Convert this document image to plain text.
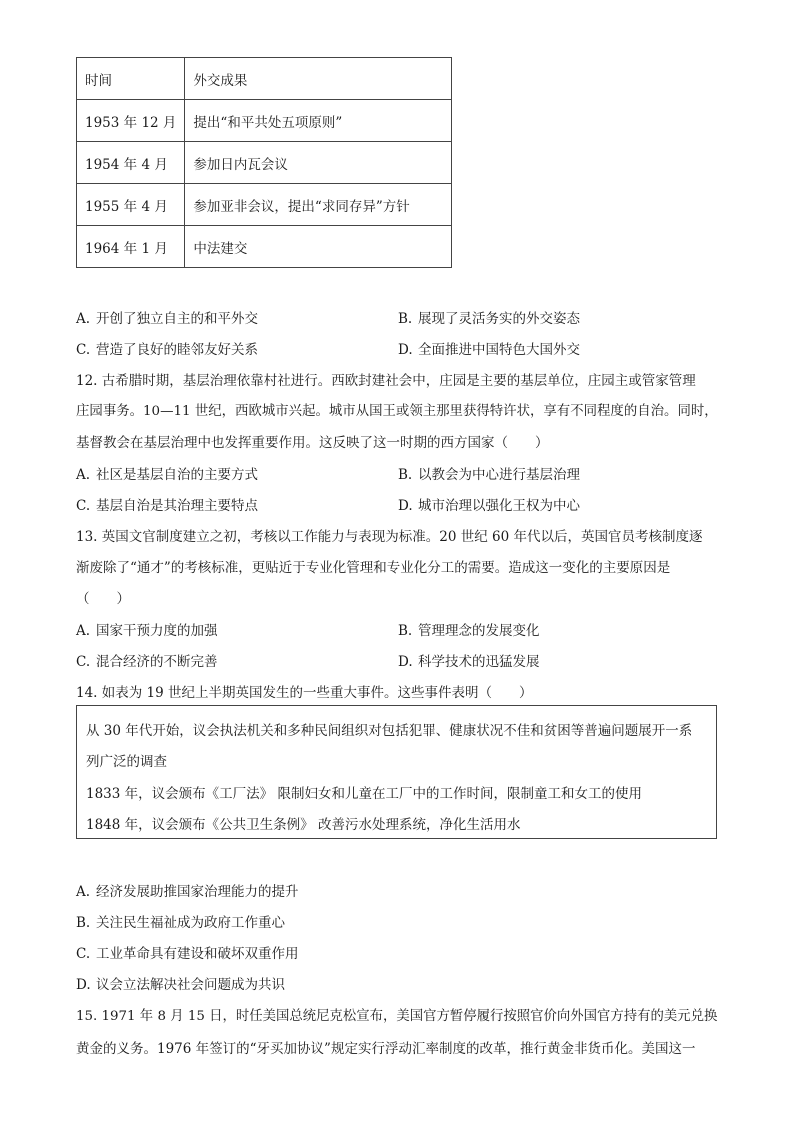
时间	外交成果
1953 年 12 月	提出“和平共处五项原则”
1954 年 4 月	参加日内瓦会议
1955 年 4 月	参加亚非会议，提出“求同存异”方针
1964 年 1 月	中法建交
A. 开创了独立自主的和平外交	B. 展现了灵活务实的外交姿态
C. 营造了良好的睦邻友好关系	D. 全面推进中国特色大国外交
12. 古希腊时期，基层治理依靠村社进行。西欧封建社会中，庄园是主要的基层单位，庄园主或管家管理
庄园事务。10—11 世纪，西欧城市兴起。城市从国王或领主那里获得特许状，享有不同程度的自治。同时，
基督教会在基层治理中也发挥重要作用。这反映了这一时期的西方国家（　　）
A. 社区是基层自治的主要方式	B. 以教会为中心进行基层治理
C. 基层自治是其治理主要特点	D. 城市治理以强化王权为中心
13. 英国文官制度建立之初，考核以工作能力与表现为标准。20 世纪 60 年代以后，英国官员考核制度逐
渐废除了“通才”的考核标准，更贴近于专业化管理和专业化分工的需要。造成这一变化的主要原因是
（　　）
A. 国家干预力度的加强	B. 管理理念的发展变化
C. 混合经济的不断完善	D. 科学技术的迅猛发展
14. 如表为 19 世纪上半期英国发生的一些重大事件。这些事件表明（　　）
从 30 年代开始，议会执法机关和多种民间组织对包括犯罪、健康状况不佳和贫困等普遍问题展开一系
列广泛的调查
1833 年，议会颁布《工厂法》 限制妇女和儿童在工厂中的工作时间，限制童工和女工的使用
1848 年，议会颁布《公共卫生条例》 改善污水处理系统，净化生活用水
A. 经济发展助推国家治理能力的提升
B. 关注民生福祉成为政府工作重心
C. 工业革命具有建设和破坏双重作用
D. 议会立法解决社会问题成为共识
15. 1971 年 8 月 15 日，时任美国总统尼克松宣布，美国官方暂停履行按照官价向外国官方持有的美元兑换
黄金的义务。1976 年签订的“牙买加协议”规定实行浮动汇率制度的改革，推行黄金非货币化。美国这一
